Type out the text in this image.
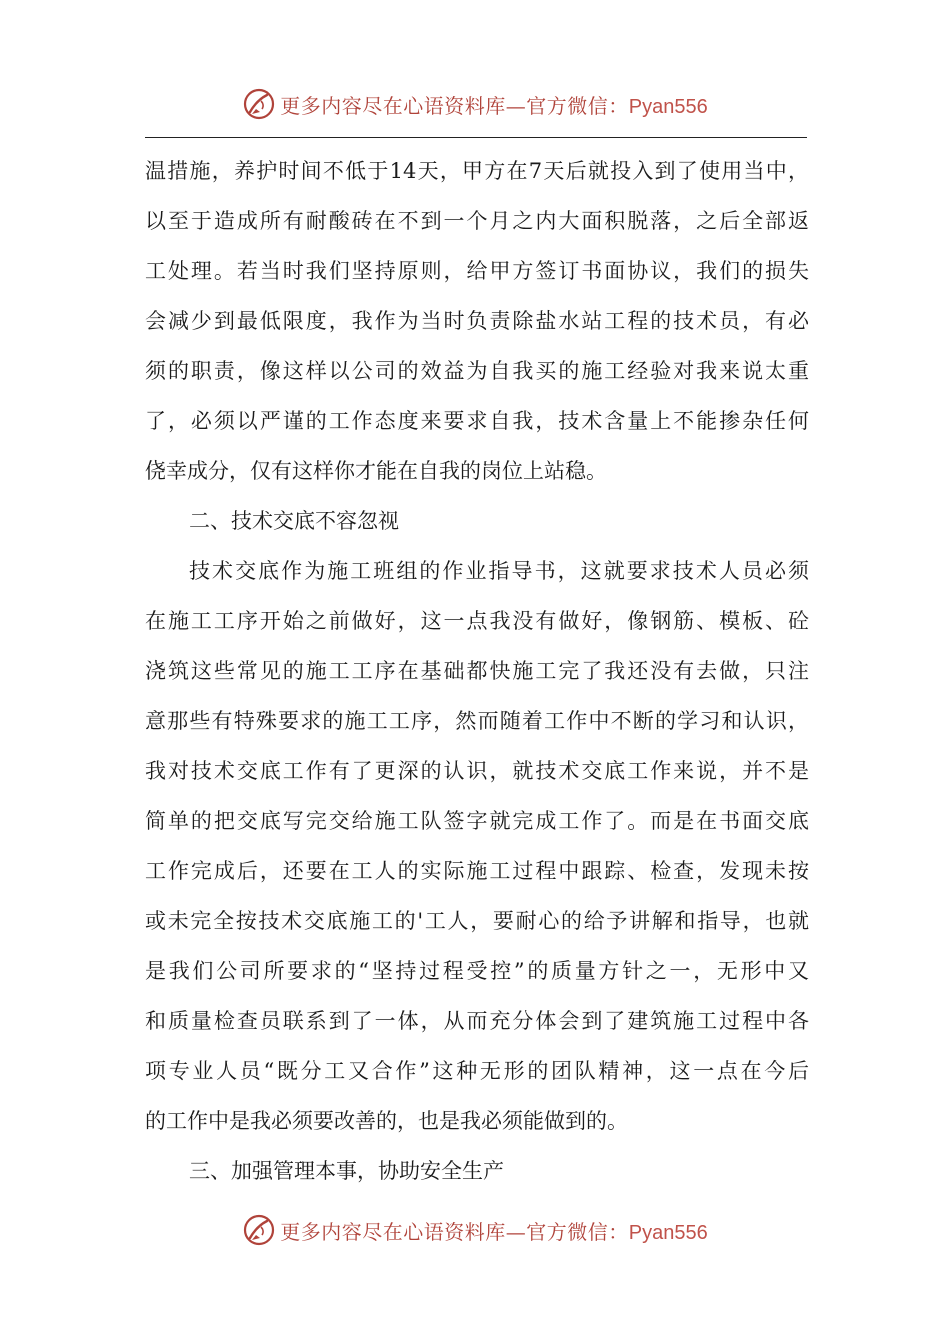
更多内容尽在心语资料库—官方微信：Pyan556
温措施，养护时间不低于14天，甲方在7天后就投入到了使用当中，
以至于造成所有耐酸砖在不到一个月之内大面积脱落，之后全部返
工处理。若当时我们坚持原则，给甲方签订书面协议，我们的损失
会减少到最低限度，我作为当时负责除盐水站工程的技术员，有必
须的职责，像这样以公司的效益为自我买的施工经验对我来说太重
了，必须以严谨的工作态度来要求自我，技术含量上不能掺杂任何
侥幸成分，仅有这样你才能在自我的岗位上站稳。
二、技术交底不容忽视
技术交底作为施工班组的作业指导书，这就要求技术人员必须
在施工工序开始之前做好，这一点我没有做好，像钢筋、模板、砼
浇筑这些常见的施工工序在基础都快施工完了我还没有去做，只注
意那些有特殊要求的施工工序，然而随着工作中不断的学习和认识，
我对技术交底工作有了更深的认识，就技术交底工作来说，并不是
简单的把交底写完交给施工队签字就完成工作了。而是在书面交底
工作完成后，还要在工人的实际施工过程中跟踪、检查，发现未按
或未完全按技术交底施工的'工人，要耐心的给予讲解和指导，也就
是我们公司所要求的“坚持过程受控”的质量方针之一，无形中又
和质量检查员联系到了一体，从而充分体会到了建筑施工过程中各
项专业人员“既分工又合作”这种无形的团队精神，这一点在今后
的工作中是我必须要改善的，也是我必须能做到的。
三、加强管理本事，协助安全生产
更多内容尽在心语资料库—官方微信：Pyan556
